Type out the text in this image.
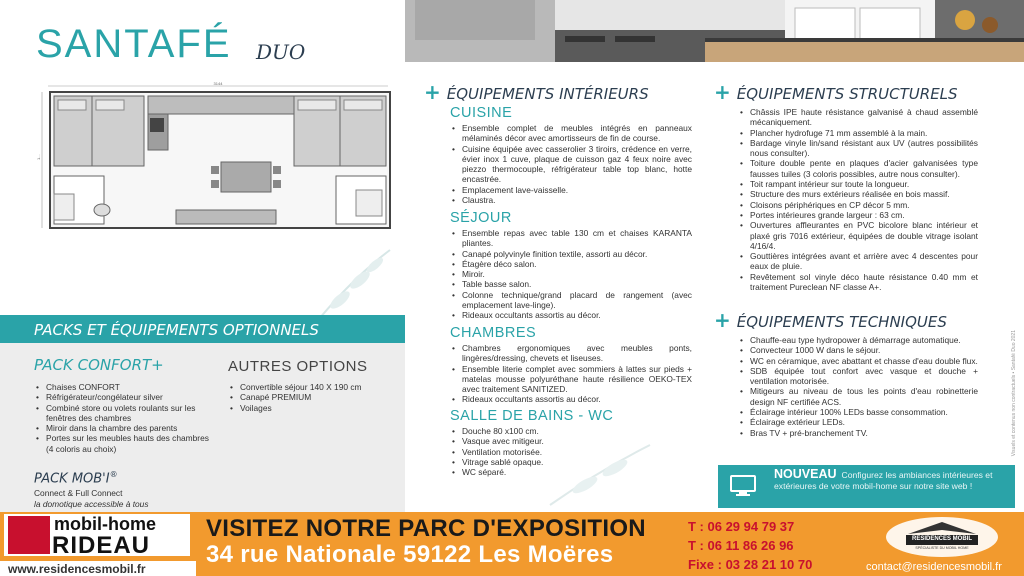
SANTAFÉ DUO
3144
1...
PACKS ET ÉQUIPEMENTS OPTIONNELS
PACK CONFORT+
• Chaises CONFORT
• Réfrigérateur/congélateur silver
• Combiné store ou volets roulants sur les fenêtres des chambres
• Miroir dans la chambre des parents
• Portes sur les meubles hauts des chambres (4 coloris au choix)
AUTRES OPTIONS
• Convertible séjour 140 X 190 cm
• Canapé PREMIUM
• Voilages
PACK MOB'I®
Connect & Full Connect
la domotique accessible à tous
+ ÉQUIPEMENTS INTÉRIEURS
CUISINE
• Ensemble complet de meubles intégrés en panneaux mélaminés décor avec amortisseurs de fin de course.
• Cuisine équipée avec casserolier 3 tiroirs, crédence en verre, évier inox 1 cuve, plaque de cuisson gaz 4 feux noire avec piezzo thermocouple, réfrigérateur table top blanc, hotte encastrée.
• Emplacement lave-vaisselle.
• Claustra.
SÉJOUR
• Ensemble repas avec table 130 cm et chaises KARANTA pliantes.
• Canapé polyvinyle finition textile, assorti au décor.
• Étagère déco salon.
• Miroir.
• Table basse salon.
• Colonne technique/grand placard de rangement (avec emplacement lave-linge).
• Rideaux occultants assortis au décor.
CHAMBRES
• Chambres ergonomiques avec meubles ponts, lingères/dressing, chevets et liseuses.
• Ensemble literie complet avec sommiers à lattes sur pieds + matelas mousse polyuréthane haute résilience OEKO-TEX avec traitement SANITIZED.
• Rideaux occultants assortis au décor.
SALLE DE BAINS - WC
• Douche 80 x100 cm.
• Vasque avec mitigeur.
• Ventilation motorisée.
• Vitrage sablé opaque.
• WC séparé.
+ ÉQUIPEMENTS STRUCTURELS
• Châssis IPE haute résistance galvanisé à chaud assemblé mécaniquement.
• Plancher hydrofuge 71 mm assemblé à la main.
• Bardage vinyle lin/sand résistant aux UV (autres possibilités nous consulter).
• Toiture double pente en plaques d'acier galvanisées type fausses tuiles (3 coloris possibles, autre nous consulter).
• Toit rampant intérieur sur toute la longueur.
• Structure des murs extérieurs réalisée en bois massif.
• Cloisons périphériques en CP décor 5 mm.
• Portes intérieures grande largeur : 63 cm.
• Ouvertures affleurantes en PVC bicolore blanc intérieur et plaxé gris 7016 extérieur, équipées de double vitrage isolant 4/16/4.
• Gouttières intégrées avant et arrière avec 4 descentes pour eaux de pluie.
• Revêtement sol vinyle déco haute résistance 0.40 mm et traitement Pureclean NF classe A+.
+ ÉQUIPEMENTS TECHNIQUES
• Chauffe-eau type hydropower à démarrage automatique.
• Convecteur 1000 W dans le séjour.
• WC en céramique, avec abattant et chasse d'eau double flux.
• SDB équipée tout confort avec vasque et douche + ventilation motorisée.
• Mitigeurs au niveau de tous les points d'eau robinetterie design NF certifiée ACS.
• Éclairage intérieur 100% LEDs basse consommation.
• Éclairage extérieur LEDs.
• Bras TV + pré-branchement TV.	Visuels et contenus non contractuels • Santafé Duo 2021
NOUVEAU Configurez les ambiances intérieures et extérieures de votre mobil-home sur notre site web !
mobil-home
RIDEAU
www.residencesmobil.fr
VISITEZ NOTRE PARC D'EXPOSITION
34 rue Nationale 59122 Les Moëres
T : 06 29 94 79 37
T : 06 11 86 26 96
Fixe : 03 28 21 10 70
RESIDENCES MOBIL
SPÉCIALISTE DU MOBIL HOME
contact@residencesmobil.fr
